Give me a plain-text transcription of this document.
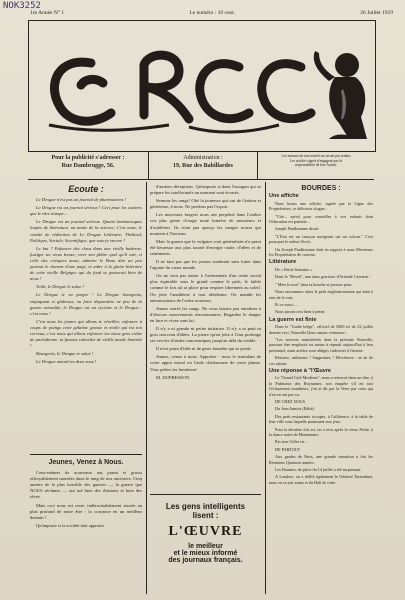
NOK3252
1re Année N° 1	Le numéro : 10 cent.	26 Juillet 1919
Pour la publicité s'adresser :
Rue Dambrugge, 56.
Administration :
19, Rue des Babillardes
Les manuscrits non insérés ne seront pas rendus
Les articles signés n'engagent que la
responsabilité de leur Auteur.
Ecoute :

Le Drogue n'est pas un journal de pharmaciens !

Le Drogue est un journal sérieux ! Ceci pour les cuistres que le titre trompe...

Le Drogue est un journal sérieux. Quatre barbaresques loupés de littérature, un tantie de la science, C'est nous, le comité de rédaction de Le Drogue Littéraire, Théâtral, Politique, Sociale, Scientifique, que sais-je encore !

Le but ? Enfoncer des clous dans une vieille baderne, fustiger un vieux bonze, river son plâtre quel qu'il soit, et celle des critiques aussi, admirer le Beau dire un peu partout le charme d'une page, et aider à la gloire littéraire de cette vieille Belgique qui du fond se passerait bien de nous !

Voilà, le Drogue le salue !

Le Drogue te va purger ! Le Drogue bourgeois, empiquant et glabreux, ou faire disparaître ne peu de la gastro rotondité, le Drogue est un cyclone et le Drogue... c'est nous !

C'est nous les jeunes qui allons te réveiller, enfoncer à coups de poings cette gélatine grasse et molle qui est ton cerveau, c'est nous qui allons enfoncer tes vieux gros crâne de pachiderme, ta funeste cabochie de vieille moule honnête !

Bourgeois, le Drogue te salue !

Le Drogue attend tes deux sous !

Jeunes, Venez à Nous.

Ceux-mêmes de nouveaux ont parmi et grossi effroyablement montées dans le rang de nos ancestres. Cinq années de la plus horrible des guerres — la guerre que NOUS sécûmes — ont tué bien des illusions et bien des rêves.

Mais ceci nous est reste, indéracinablement ancrée au plus profond de notre être : la croyance en un meilleur demain !

Qu'importe si la société doit apporter

d'amères déceptions. Qu'importe si dans l'ouragan qui se prépare les intellectuels un moment sont écrasés.

Semons les rangs! Ohé la jeunesse qui ont de l'ardeur et généreuse, à nous. Ne perdons pas l'espoir.

Les nouveaux bergers nous ont perpétué dans l'ombre vos plus genre d'orage toute lumière de messieurs et d'oubliéres. Ils n'ont pas aperçu les images noires qui montent à l'horizon.

Mais la guerre que le vulgaire croit généralisée n'a point été heureuse aux plus tourné d'energie vitale, d'idées et de sentiments.

Il ne faut pas que les jeunes sombrent sans lutter dans l'agonie du vieux monde.

On ne veut pas entrer à l'avènement d'un ordre social plus équitable sous le grand comme le petit, le faible comme le fort ait sa place pour respirer librement au soleil. On jette l'anathème à tout idéalisme. On mandit les annonciateurs de l'ordre nouveau.

Jeunes serrés les rangs. Ne vous laissez pas entraîner à d'obscurs mouvements réactionnaires. Regardez le danger en face et vivez sans lui.

Il n'y a ni grande ni petite initiative. Il n'y a ni petit ni gros morceau d'idées. La pierre qu'on jette à l'eau prolonge ses cercles d'ondes concentriques jusqu'au delà du visible.

Il n'est point d'idée ni de geste honnête qui se perde.

Jeunes, venez à nous. Apportez - nous le stimulant de votre appui moral ou l'aide chaleureuse de votre plume. Vous prêtes les lumièresé

M. DUPRESSON

Les gens intelligents
lisent :
L'ŒUVRE
le meilleur
et le mieux informé
des journaux français.
BOURDES :
Une affiche

Nous lisons une affiche, signée par la Ligue des Propriétaires, ce délicieux slogan :

"Cité... suivit pour conseiller à vos enfants dont l'éducation est parfaite...

Joseph Prudhomme disait :

"L'Etat est un curaçau navigeant sur un volcan." C'est pourquoi le même l'écrit.

Ou Joseph Prudhomme était en rapport à nous Messieurs les Propriétaires de caserne.

Littérature

De « Petite Semaine »

Dans le "Réveil", une dans gracieux d'Aristide Careteur :

" Mets le tout" dans la bouche et pressez pour.

Nous rassommes alors le petit engloutissement qui était à rien de le voir.

Et ce souci...

Nous jurons ceci bien à peine.

La guerre est finie

Dans le "Guide belge", officiel de 5000 ici de 22 juillet dernier ceci, Nouvelle Dons amour vertueuse :

"Les services ministériels dans la présente Nouvelle, pouvant être employés ou moins à répartit aujourd'hui à leur personnel, mais arrêtez sont obligés s'adresser à Grenier.

Résistez, militaires ! Supprimez ! Décréterez : ni de de vos salons.

Une réponse à "l'Œuvre

Le "Grand Café Moderne", nous a retrouvé dans un dire, à la Pulmonie des Royaumes, son enquête s'il en sort l'éclusement nombreux, j'en ai dit par la Terre par ceux qui n'en en ont pas vu.

DE CHEZ NOUS

Du Jean Jamois (Edité)

Des petit restaurants occupés, à l'affluence, à la table de leur ville sous laquelle paraissent aux jeux.

Pour la dernière fois ici, on a revu après le vieux Petite, à la dance notre de Montmartre.

Pas rien l'effet en...

DE PARTOUT

Aux gardes de Paris, une grande sensation a fait les Réunions Quatorze années.

Les Baumes, de pièce du 14 juillet a été surprenant.

A Londres, on a défilé également le Général Taraudinet, nous en se soit avant et du Hall de cette.
